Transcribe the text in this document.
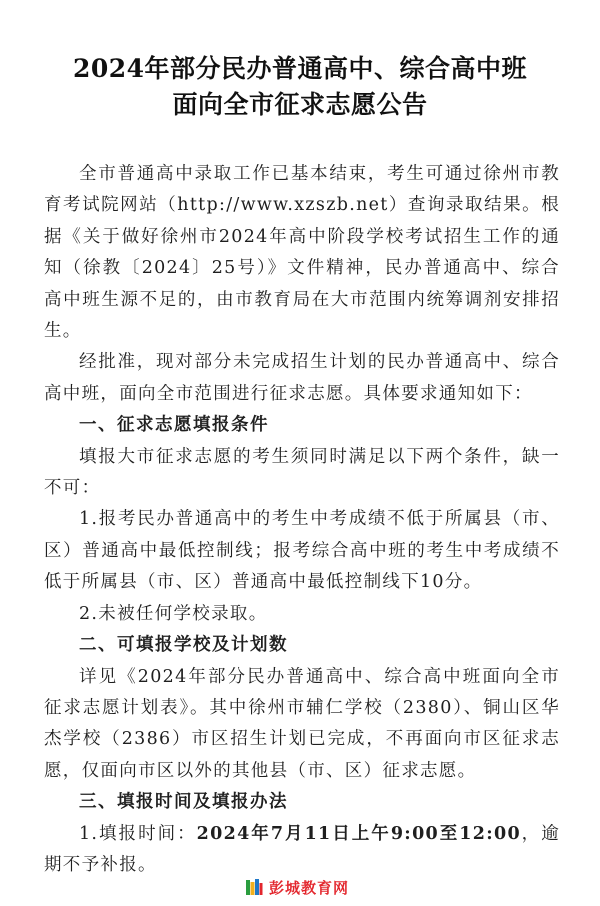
2024年部分民办普通高中、综合高中班
面向全市征求志愿公告

全市普通高中录取工作已基本结束，考生可通过徐州市教育考试院网站（http://www.xzszb.net）查询录取结果。根据《关于做好徐州市2024年高中阶段学校考试招生工作的通知（徐教〔2024〕25号）》文件精神，民办普通高中、综合高中班生源不足的，由市教育局在大市范围内统筹调剂安排招生。

经批准，现对部分未完成招生计划的民办普通高中、综合高中班，面向全市范围进行征求志愿。具体要求通知如下：

一、征求志愿填报条件

填报大市征求志愿的考生须同时满足以下两个条件，缺一不可：

1.报考民办普通高中的考生中考成绩不低于所属县（市、区）普通高中最低控制线；报考综合高中班的考生中考成绩不低于所属县（市、区）普通高中最低控制线下10分。

2.未被任何学校录取。

二、可填报学校及计划数

详见《2024年部分民办普通高中、综合高中班面向全市征求志愿计划表》。其中徐州市辅仁学校（2380）、铜山区华杰学校（2386）市区招生计划已完成，不再面向市区征求志愿，仅面向市区以外的其他县（市、区）征求志愿。

三、填报时间及填报办法

1.填报时间：2024年7月11日上午9:00至12:00，逾期不予补报。

彭城教育网
